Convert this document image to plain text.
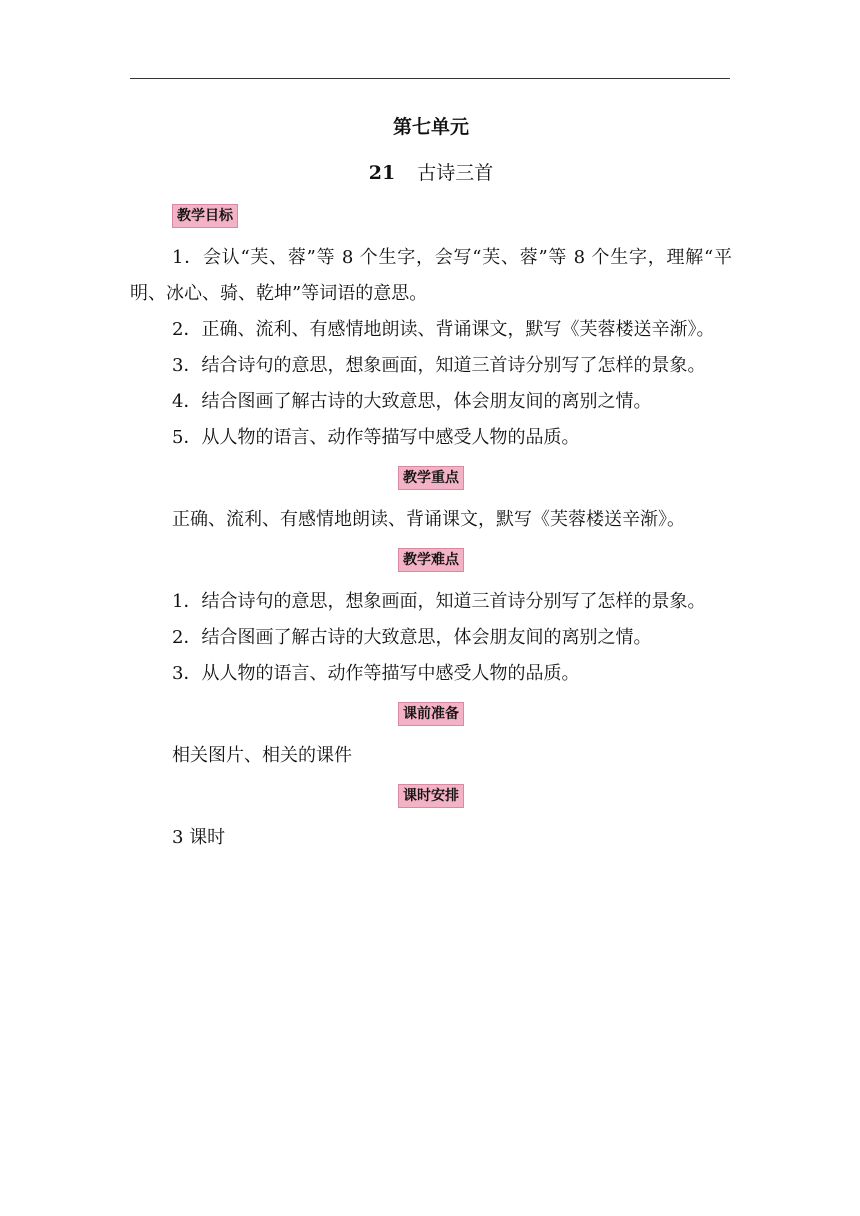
第七单元
21 古诗三首
教学目标

1．会认“芙、蓉”等 8 个生字，会写“芙、蓉”等 8 个生字，理解“平明、冰心、骑、乾坤”等词语的意思。

2．正确、流利、有感情地朗读、背诵课文，默写《芙蓉楼送辛渐》。

3．结合诗句的意思，想象画面，知道三首诗分别写了怎样的景象。

4．结合图画了解古诗的大致意思，体会朋友间的离别之情。

5．从人物的语言、动作等描写中感受人物的品质。

教学重点

正确、流利、有感情地朗读、背诵课文，默写《芙蓉楼送辛渐》。

教学难点

1．结合诗句的意思，想象画面，知道三首诗分别写了怎样的景象。

2．结合图画了解古诗的大致意思，体会朋友间的离别之情。

3．从人物的语言、动作等描写中感受人物的品质。

课前准备

相关图片、相关的课件

课时安排

3 课时
